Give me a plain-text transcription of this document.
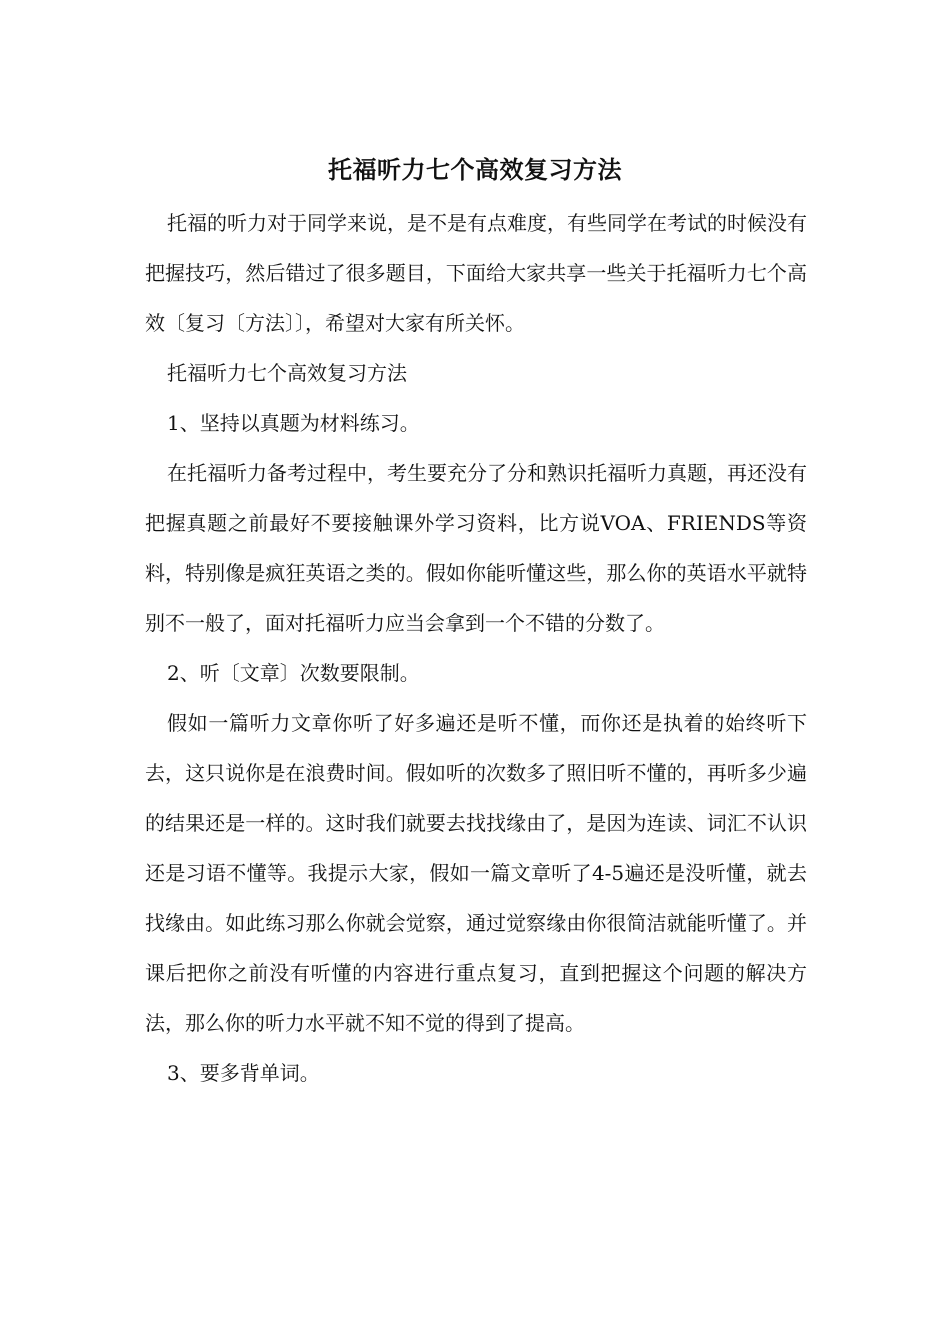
托福听力七个高效复习方法

托福的听力对于同学来说，是不是有点难度，有些同学在考试的时候没有把握技巧，然后错过了很多题目，下面给大家共享一些关于托福听力七个高效〔复习〔方法〕〕，希望对大家有所关怀。

托福听力七个高效复习方法

1、坚持以真题为材料练习。

在托福听力备考过程中，考生要充分了分和熟识托福听力真题，再还没有把握真题之前最好不要接触课外学习资料，比方说VOA、FRIENDS等资料，特别像是疯狂英语之类的。假如你能听懂这些，那么你的英语水平就特别不一般了，面对托福听力应当会拿到一个不错的分数了。

2、听〔文章〕次数要限制。

假如一篇听力文章你听了好多遍还是听不懂，而你还是执着的始终听下去，这只说你是在浪费时间。假如听的次数多了照旧听不懂的，再听多少遍的结果还是一样的。这时我们就要去找找缘由了，是因为连读、词汇不认识还是习语不懂等。我提示大家，假如一篇文章听了4-5遍还是没听懂，就去找缘由。如此练习那么你就会觉察，通过觉察缘由你很简洁就能听懂了。并课后把你之前没有听懂的内容进行重点复习，直到把握这个问题的解决方法，那么你的听力水平就不知不觉的得到了提高。

3、要多背单词。
